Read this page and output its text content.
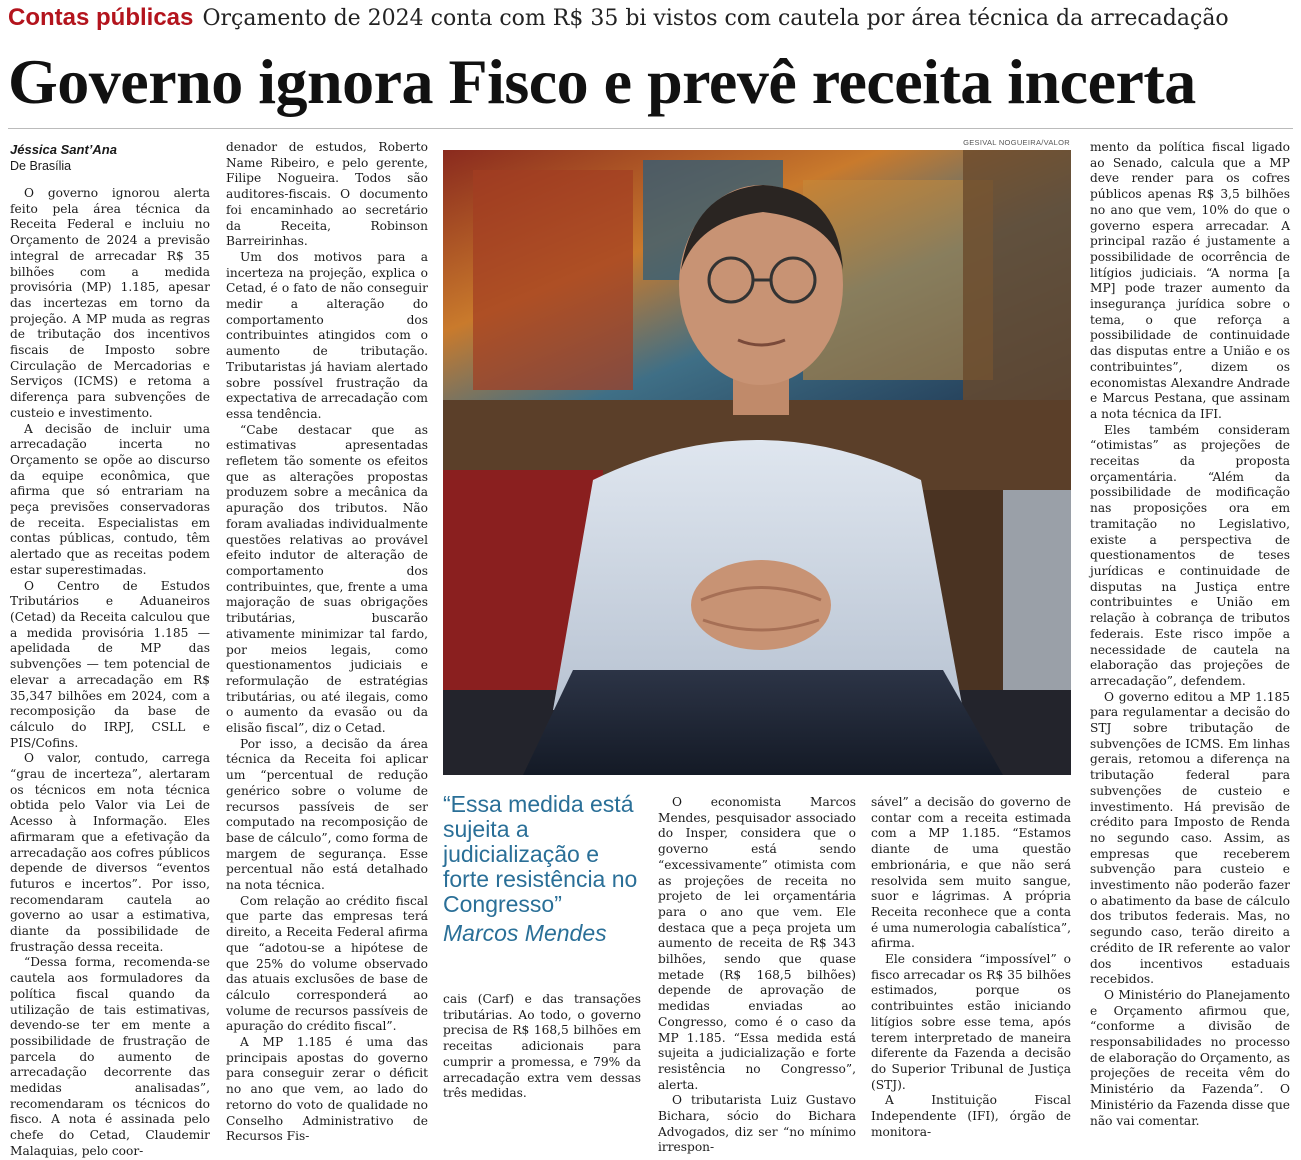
Contas públicas Orçamento de 2024 conta com R$ 35 bi vistos com cautela por área técnica da arrecadação
Governo ignora Fisco e prevê receita incerta
Jéssica Sant’Ana
De Brasília

O governo ignorou alerta feito pela área técnica da Receita Federal e incluiu no Orçamento de 2024 a previsão integral de arrecadar R$ 35 bilhões com a medida provisória (MP) 1.185, apesar das incertezas em torno da projeção. A MP muda as regras de tributação dos incentivos fiscais de Imposto sobre Circulação de Mercadorias e Serviços (ICMS) e retoma a diferença para subvenções de custeio e investimento.

A decisão de incluir uma arrecadação incerta no Orçamento se opõe ao discurso da equipe econômica, que afirma que só entrariam na peça previsões conservadoras de receita. Especialistas em contas públicas, contudo, têm alertado que as receitas podem estar superestimadas.

O Centro de Estudos Tributários e Aduaneiros (Cetad) da Receita calculou que a medida provisória 1.185 — apelidada de MP das subvenções — tem potencial de elevar a arrecadação em R$ 35,347 bilhões em 2024, com a recomposição da base de cálculo do IRPJ, CSLL e PIS/Cofins.

O valor, contudo, carrega “grau de incerteza”, alertaram os técnicos em nota técnica obtida pelo Valor via Lei de Acesso à Informação. Eles afirmaram que a efetivação da arrecadação aos cofres públicos depende de diversos “eventos futuros e incertos”. Por isso, recomendaram cautela ao governo ao usar a estimativa, diante da possibilidade de frustração dessa receita.

“Dessa forma, recomenda-se cautela aos formuladores da política fiscal quando da utilização de tais estimativas, devendo-se ter em mente a possibilidade de frustração de parcela do aumento de arrecadação decorrente das medidas analisadas”, recomendaram os técnicos do fisco. A nota é assinada pelo chefe do Cetad, Claudemir Malaquias, pelo coor-

denador de estudos, Roberto Name Ribeiro, e pelo gerente, Filipe Nogueira. Todos são auditores-fiscais. O documento foi encaminhado ao secretário da Receita, Robinson Barreirinhas.

Um dos motivos para a incerteza na projeção, explica o Cetad, é o fato de não conseguir medir a alteração do comportamento dos contribuintes atingidos com o aumento de tributação. Tributaristas já haviam alertado sobre possível frustração da expectativa de arrecadação com essa tendência.

“Cabe destacar que as estimativas apresentadas refletem tão somente os efeitos que as alterações propostas produzem sobre a mecânica da apuração dos tributos. Não foram avaliadas individualmente questões relativas ao provável efeito indutor de alteração de comportamento dos contribuintes, que, frente a uma majoração de suas obrigações tributárias, buscarão ativamente minimizar tal fardo, por meios legais, como questionamentos judiciais e reformulação de estratégias tributárias, ou até ilegais, como o aumento da evasão ou da elisão fiscal”, diz o Cetad.

Por isso, a decisão da área técnica da Receita foi aplicar um “percentual de redução genérico sobre o volume de recursos passíveis de ser computado na recomposição de base de cálculo”, como forma de margem de segurança. Esse percentual não está detalhado na nota técnica.

Com relação ao crédito fiscal que parte das empresas terá direito, a Receita Federal afirma que “adotou-se a hipótese de que 25% do volume observado das atuais exclusões de base de cálculo corresponderá ao volume de recursos passíveis de apuração do crédito fiscal”.

A MP 1.185 é uma das principais apostas do governo para conseguir zerar o déficit no ano que vem, ao lado do retorno do voto de qualidade no Conselho Administrativo de Recursos Fis-

GESIVAL NOGUEIRA/VALOR

“Essa medida está sujeita a judicialização e forte resistência no Congresso”

Marcos Mendes

cais (Carf) e das transações tributárias. Ao todo, o governo precisa de R$ 168,5 bilhões em receitas adicionais para cumprir a promessa, e 79% da arrecadação extra vem dessas três medidas.

O economista Marcos Mendes, pesquisador associado do Insper, considera que o governo está sendo “excessivamente” otimista com as projeções de receita no projeto de lei orçamentária para o ano que vem. Ele destaca que a peça projeta um aumento de receita de R$ 343 bilhões, sendo que quase metade (R$ 168,5 bilhões) depende de aprovação de medidas enviadas ao Congresso, como é o caso da MP 1.185. “Essa medida está sujeita a judicialização e forte resistência no Congresso”, alerta.

O tributarista Luiz Gustavo Bichara, sócio do Bichara Advogados, diz ser “no mínimo irrespon-

sável” a decisão do governo de contar com a receita estimada com a MP 1.185. “Estamos diante de uma questão embrionária, e que não será resolvida sem muito sangue, suor e lágrimas. A própria Receita reconhece que a conta é uma numerologia cabalística”, afirma.

Ele considera “impossível” o fisco arrecadar os R$ 35 bilhões estimados, porque os contribuintes estão iniciando litígios sobre esse tema, após terem interpretado de maneira diferente da Fazenda a decisão do Superior Tribunal de Justiça (STJ).

A Instituição Fiscal Independente (IFI), órgão de monitora-

mento da política fiscal ligado ao Senado, calcula que a MP deve render para os cofres públicos apenas R$ 3,5 bilhões no ano que vem, 10% do que o governo espera arrecadar. A principal razão é justamente a possibilidade de ocorrência de litígios judiciais. “A norma [a MP] pode trazer aumento da insegurança jurídica sobre o tema, o que reforça a possibilidade de continuidade das disputas entre a União e os contribuintes”, dizem os economistas Alexandre Andrade e Marcus Pestana, que assinam a nota técnica da IFI.

Eles também consideram “otimistas” as projeções de receitas da proposta orçamentária. “Além da possibilidade de modificação nas proposições ora em tramitação no Legislativo, existe a perspectiva de questionamentos de teses jurídicas e continuidade de disputas na Justiça entre contribuintes e União em relação à cobrança de tributos federais. Este risco impõe a necessidade de cautela na elaboração das projeções de arrecadação”, defendem.

O governo editou a MP 1.185 para regulamentar a decisão do STJ sobre tributação de subvenções de ICMS. Em linhas gerais, retomou a diferença na tributação federal para subvenções de custeio e investimento. Há previsão de crédito para Imposto de Renda no segundo caso. Assim, as empresas que receberem subvenção para custeio e investimento não poderão fazer o abatimento da base de cálculo dos tributos federais. Mas, no segundo caso, terão direito a crédito de IR referente ao valor dos incentivos estaduais recebidos.

O Ministério do Planejamento e Orçamento afirmou que, “conforme a divisão de responsabilidades no processo de elaboração do Orçamento, as projeções de receita vêm do Ministério da Fazenda”. O Ministério da Fazenda disse que não vai comentar.
